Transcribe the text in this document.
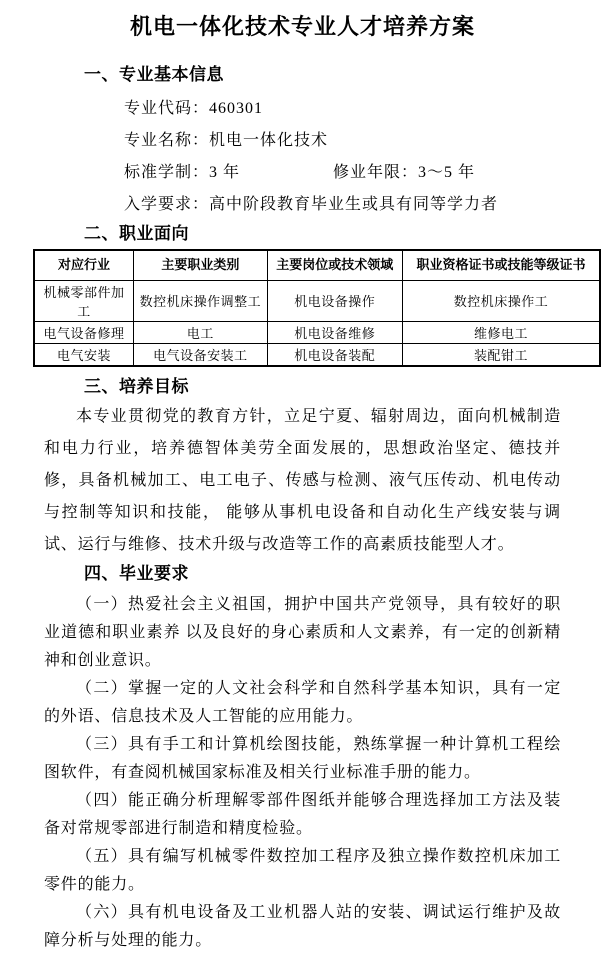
机电一体化技术专业人才培养方案
一、专业基本信息
专业代码：460301
专业名称：机电一体化技术
标准学制：3 年	修业年限：3～5 年
入学要求：高中阶段教育毕业生或具有同等学力者
二、职业面向
对应行业	主要职业类别	主要岗位或技术领域	职业资格证书或技能等级证书
机械零部件加工	数控机床操作调整工	机电设备操作	数控机床操作工
电气设备修理	电工	机电设备维修	维修电工
电气安装	电气设备安装工	机电设备装配	装配钳工
三、培养目标

本专业贯彻党的教育方针，立足宁夏、辐射周边，面向机械制造和电力行业，培养德智体美劳全面发展的，思想政治坚定、德技并修，具备机械加工、电工电子、传感与检测、液气压传动、机电传动与控制等知识和技能， 能够从事机电设备和自动化生产线安装与调试、运行与维修、技术升级与改造等工作的高素质技能型人才。

四、毕业要求

（一）热爱社会主义祖国，拥护中国共产党领导，具有较好的职业道德和职业素养 以及良好的身心素质和人文素养，有一定的创新精神和创业意识。

（二）掌握一定的人文社会科学和自然科学基本知识，具有一定的外语、信息技术及人工智能的应用能力。

（三）具有手工和计算机绘图技能，熟练掌握一种计算机工程绘图软件，有查阅机械国家标准及相关行业标准手册的能力。

（四）能正确分析理解零部件图纸并能够合理选择加工方法及装备对常规零部进行制造和精度检验。

（五）具有编写机械零件数控加工程序及独立操作数控机床加工零件的能力。

（六）具有机电设备及工业机器人站的安装、调试运行维护及故障分析与处理的能力。
